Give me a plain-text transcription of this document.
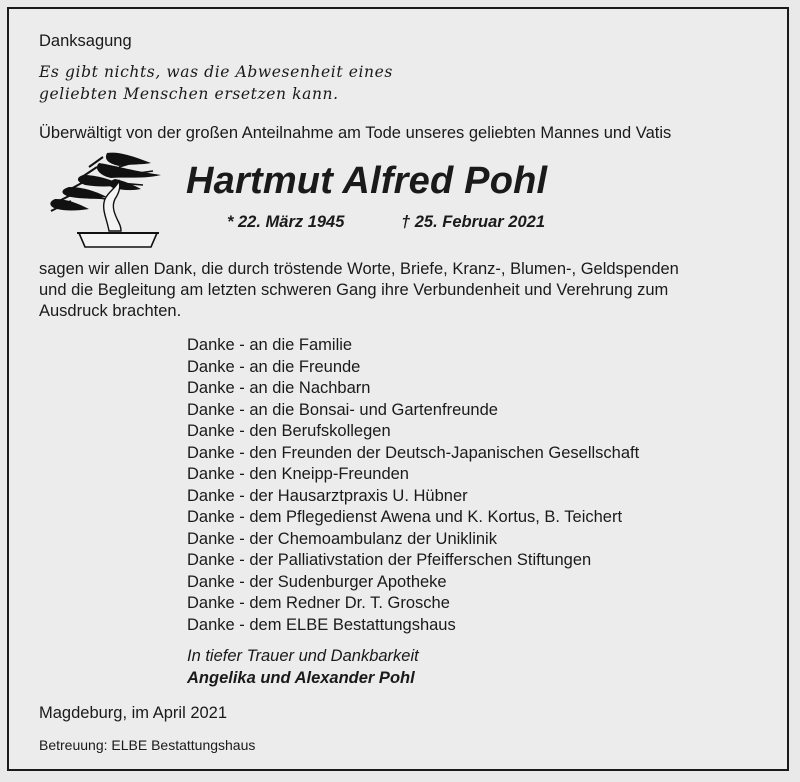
Danksagung
Es gibt nichts, was die Abwesenheit eines
geliebten Menschen ersetzen kann.
Überwältigt von der großen Anteilnahme am Tode unseres geliebten Mannes und Vatis
Hartmut Alfred Pohl
* 22. März 1945	† 25. Februar 2021
sagen wir allen Dank, die durch tröstende Worte, Briefe, Kranz-, Blumen-, Geldspenden
und die Begleitung am letzten schweren Gang ihre Verbundenheit und Verehrung zum
Ausdruck brachten.
Danke - an die Familie
Danke - an die Freunde
Danke - an die Nachbarn
Danke - an die Bonsai- und Gartenfreunde
Danke - den Berufskollegen
Danke - den Freunden der Deutsch-Japanischen Gesellschaft
Danke - den Kneipp-Freunden
Danke - der Hausarztpraxis U. Hübner
Danke - dem Pflegedienst Awena und K. Kortus, B. Teichert
Danke - der Chemoambulanz der Uniklinik
Danke - der Palliativstation der Pfeifferschen Stiftungen
Danke - der Sudenburger Apotheke
Danke - dem Redner Dr. T. Grosche
Danke - dem ELBE Bestattungshaus
In tiefer Trauer und Dankbarkeit
Angelika und Alexander Pohl
Magdeburg, im April 2021
Betreuung: ELBE Bestattungshaus
